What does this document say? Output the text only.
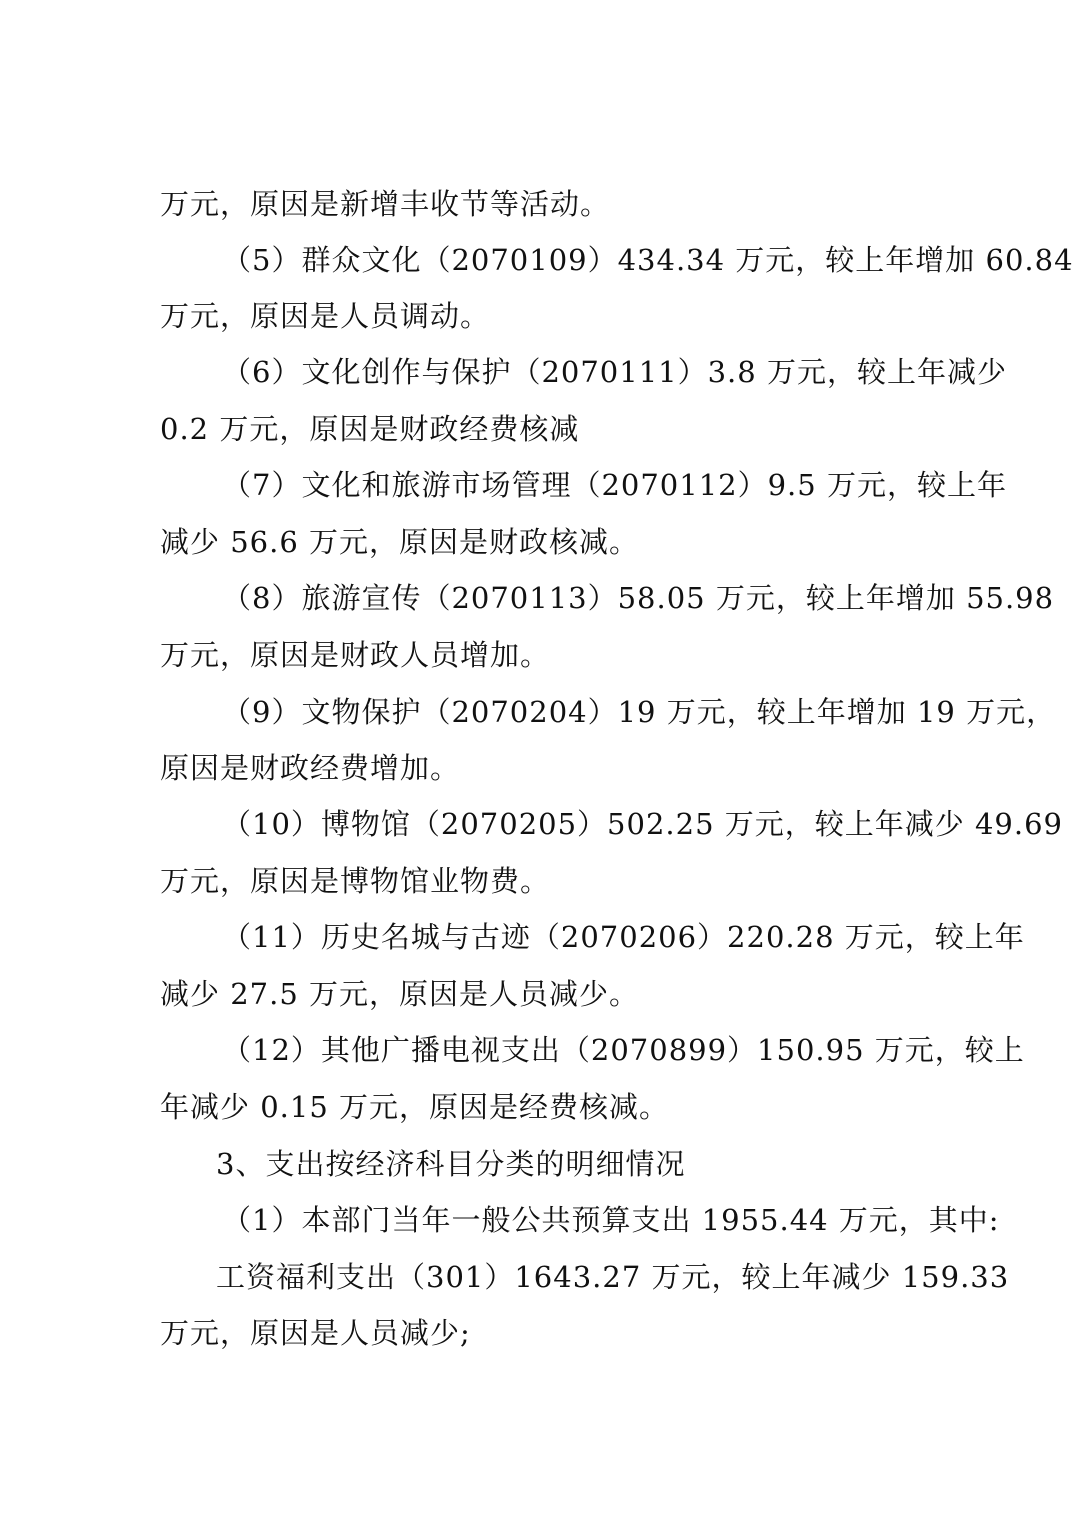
万元，原因是新增丰收节等活动。
（5）群众文化（2070109）434.34 万元，较上年增加 60.84
万元，原因是人员调动。
（6）文化创作与保护（2070111）3.8 万元，较上年减少
0.2 万元，原因是财政经费核减
（7）文化和旅游市场管理（2070112）9.5 万元，较上年
减少 56.6 万元，原因是财政核减。
（8）旅游宣传（2070113）58.05 万元，较上年增加 55.98
万元，原因是财政人员增加。
（9）文物保护（2070204）19 万元，较上年增加 19 万元，
原因是财政经费增加。
（10）博物馆（2070205）502.25 万元，较上年减少 49.69
万元，原因是博物馆业物费。
（11）历史名城与古迹（2070206）220.28 万元，较上年
减少 27.5 万元，原因是人员减少。
（12）其他广播电视支出（2070899）150.95 万元，较上
年减少 0.15 万元，原因是经费核减。
3、支出按经济科目分类的明细情况
（1）本部门当年一般公共预算支出 1955.44 万元，其中:
工资福利支出（301）1643.27 万元，较上年减少 159.33
万元，原因是人员减少;
